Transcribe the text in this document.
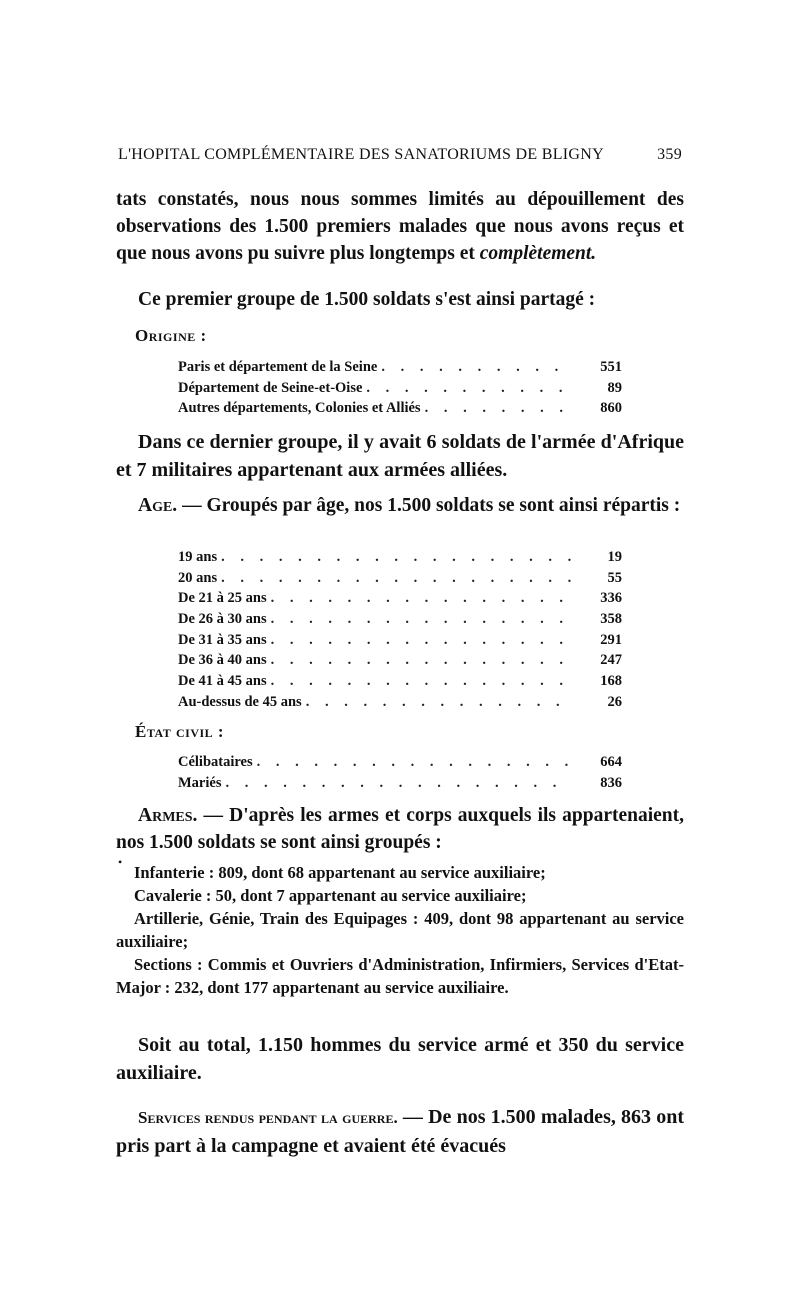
L'HOPITAL COMPLÉMENTAIRE DES SANATORIUMS DE BLIGNY	359
tats constatés, nous nous sommes limités au dépouillement des observations des 1.500 premiers malades que nous avons reçus et que nous avons pu suivre plus longtemps et complètement.
Ce premier groupe de 1.500 soldats s'est ainsi partagé :
Origine :
Paris et département de la Seine . . .	551
Département de Seine-et-Oise . . .	89
Autres départements, Colonies et Alliés . . .	860
Dans ce dernier groupe, il y avait 6 soldats de l'armée d'Afrique et 7 militaires appartenant aux armées alliées.
Age. — Groupés par âge, nos 1.500 soldats se sont ainsi répartis :
19 ans . . .	19
20 ans . . .	55
De 21 à 25 ans . . .	336
De 26 à 30 ans . . .	358
De 31 à 35 ans . . .	291
De 36 à 40 ans . . .	247
De 41 à 45 ans . . .	168
Au-dessus de 45 ans . . .	26
État civil :
Célibataires . . .	664
Mariés . . .	836
Armes. — D'après les armes et corps auxquels ils appartenaient, nos 1.500 soldats se sont ainsi groupés :
•
Infanterie : 809, dont 68 appartenant au service auxiliaire;
Cavalerie : 50, dont 7 appartenant au service auxiliaire;
Artillerie, Génie, Train des Equipages : 409, dont 98 appartenant au service auxiliaire;
Sections : Commis et Ouvriers d'Administration, Infirmiers, Services d'Etat-Major : 232, dont 177 appartenant au service auxiliaire.
Soit au total, 1.150 hommes du service armé et 350 du service auxiliaire.
Services rendus pendant la guerre. — De nos 1.500 malades, 863 ont pris part à la campagne et avaient été évacués
